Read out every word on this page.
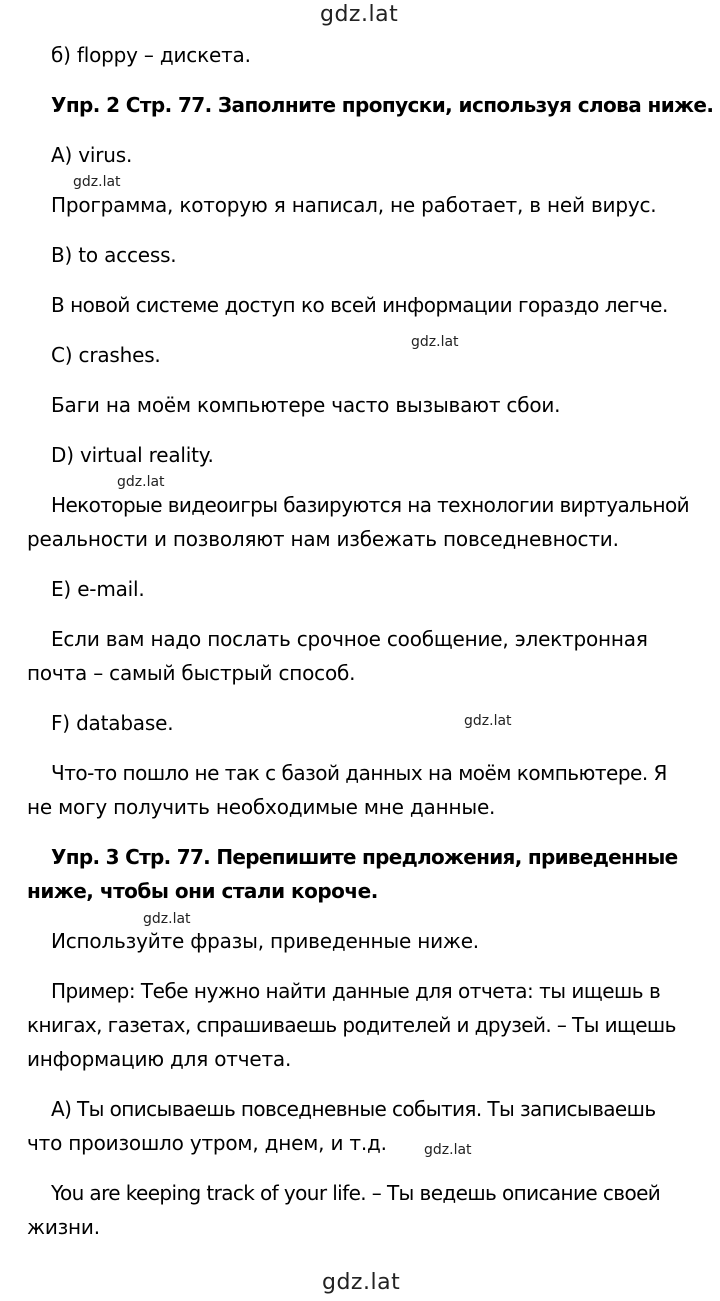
gdz.lat
б) floppy – дискета.
Упр. 2 Стр. 77. Заполните пропуски, используя слова ниже.
A) virus.
gdz.lat
Программа, которую я написал, не работает, в ней вирус.
B) to access.
В новой системе доступ ко всей информации гораздо легче.
C) crashes.
gdz.lat
Баги на моём компьютере часто вызывают сбои.
D) virtual reality.
gdz.lat
Некоторые видеоигры базируются на технологии виртуальной
реальности и позволяют нам избежать повседневности.
E) e-mail.
Если вам надо послать срочное сообщение, электронная
почта – самый быстрый способ.
F) database.	gdz.lat
Что-то пошло не так с базой данных на моём компьютере. Я
не могу получить необходимые мне данные.
Упр. 3 Стр. 77. Перепишите предложения, приведенные
ниже, чтобы они стали короче.
gdz.lat
Используйте фразы, приведенные ниже.
Пример: Тебе нужно найти данные для отчета: ты ищешь в
книгах, газетах, спрашиваешь родителей и друзей. – Ты ищешь
информацию для отчета.
A) Ты описываешь повседневные события. Ты записываешь
что произошло утром, днем, и т.д.	gdz.lat
You are keeping track of your life. – Ты ведешь описание своей
жизни.
gdz.lat
